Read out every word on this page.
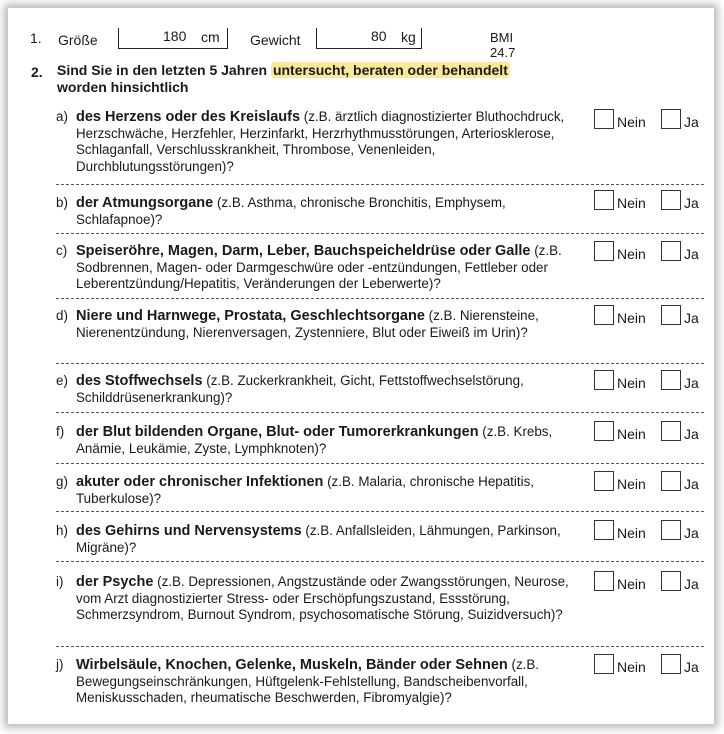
1. Größe	180 cm Gewicht	80 kg	BMI 24.7
2. Sind Sie in den letzten 5 Jahren untersucht, beraten oder behandelt
worden hinsichtlich
a) des Herzens oder des Kreislaufs (z.B. ärztlich diagnostizierter Bluthochdruck, Herzschwäche, Herzfehler, Herzinfarkt, Herzrhythmusstörungen, Arteriosklerose, Schlaganfall, Verschlusskrankheit, Thrombose, Venenleiden, Durchblutungsstörungen)?
Nein	Ja
b) der Atmungsorgane (z.B. Asthma, chronische Bronchitis, Emphysem, Schlafapnoe)?
Nein	Ja
c) Speiseröhre, Magen, Darm, Leber, Bauchspeicheldrüse oder Galle (z.B. Sodbrennen, Magen- oder Darmgeschwüre oder -entzündungen, Fettleber oder Leberentzündung/Hepatitis, Veränderungen der Leberwerte)?
Nein	Ja
d) Niere und Harnwege, Prostata, Geschlechtsorgane (z.B. Nierensteine, Nierenentzündung, Nierenversagen, Zystenniere, Blut oder Eiweiß im Urin)?
Nein	Ja
e) des Stoffwechsels (z.B. Zuckerkrankheit, Gicht, Fettstoffwechselstörung, Schilddrüsenerkrankung)?
Nein	Ja
f) der Blut bildenden Organe, Blut- oder Tumorerkrankungen (z.B. Krebs, Anämie, Leukämie, Zyste, Lymphknoten)?
Nein	Ja
g) akuter oder chronischer Infektionen (z.B. Malaria, chronische Hepatitis, Tuberkulose)?
Nein	Ja
h) des Gehirns und Nervensystems (z.B. Anfallsleiden, Lähmungen, Parkinson, Migräne)?
Nein	Ja
i) der Psyche (z.B. Depressionen, Angstzustände oder Zwangsstörungen, Neurose, vom Arzt diagnostizierter Stress- oder Erschöpfungszustand, Essstörung, Schmerzsyndrom, Burnout Syndrom, psychosomatische Störung, Suizidversuch)?
Nein	Ja
j) Wirbelsäule, Knochen, Gelenke, Muskeln, Bänder oder Sehnen (z.B. Bewegungseinschränkungen, Hüftgelenk-Fehlstellung, Bandscheibenvorfall, Meniskusschaden, rheumatische Beschwerden, Fibromyalgie)?
Nein	Ja
